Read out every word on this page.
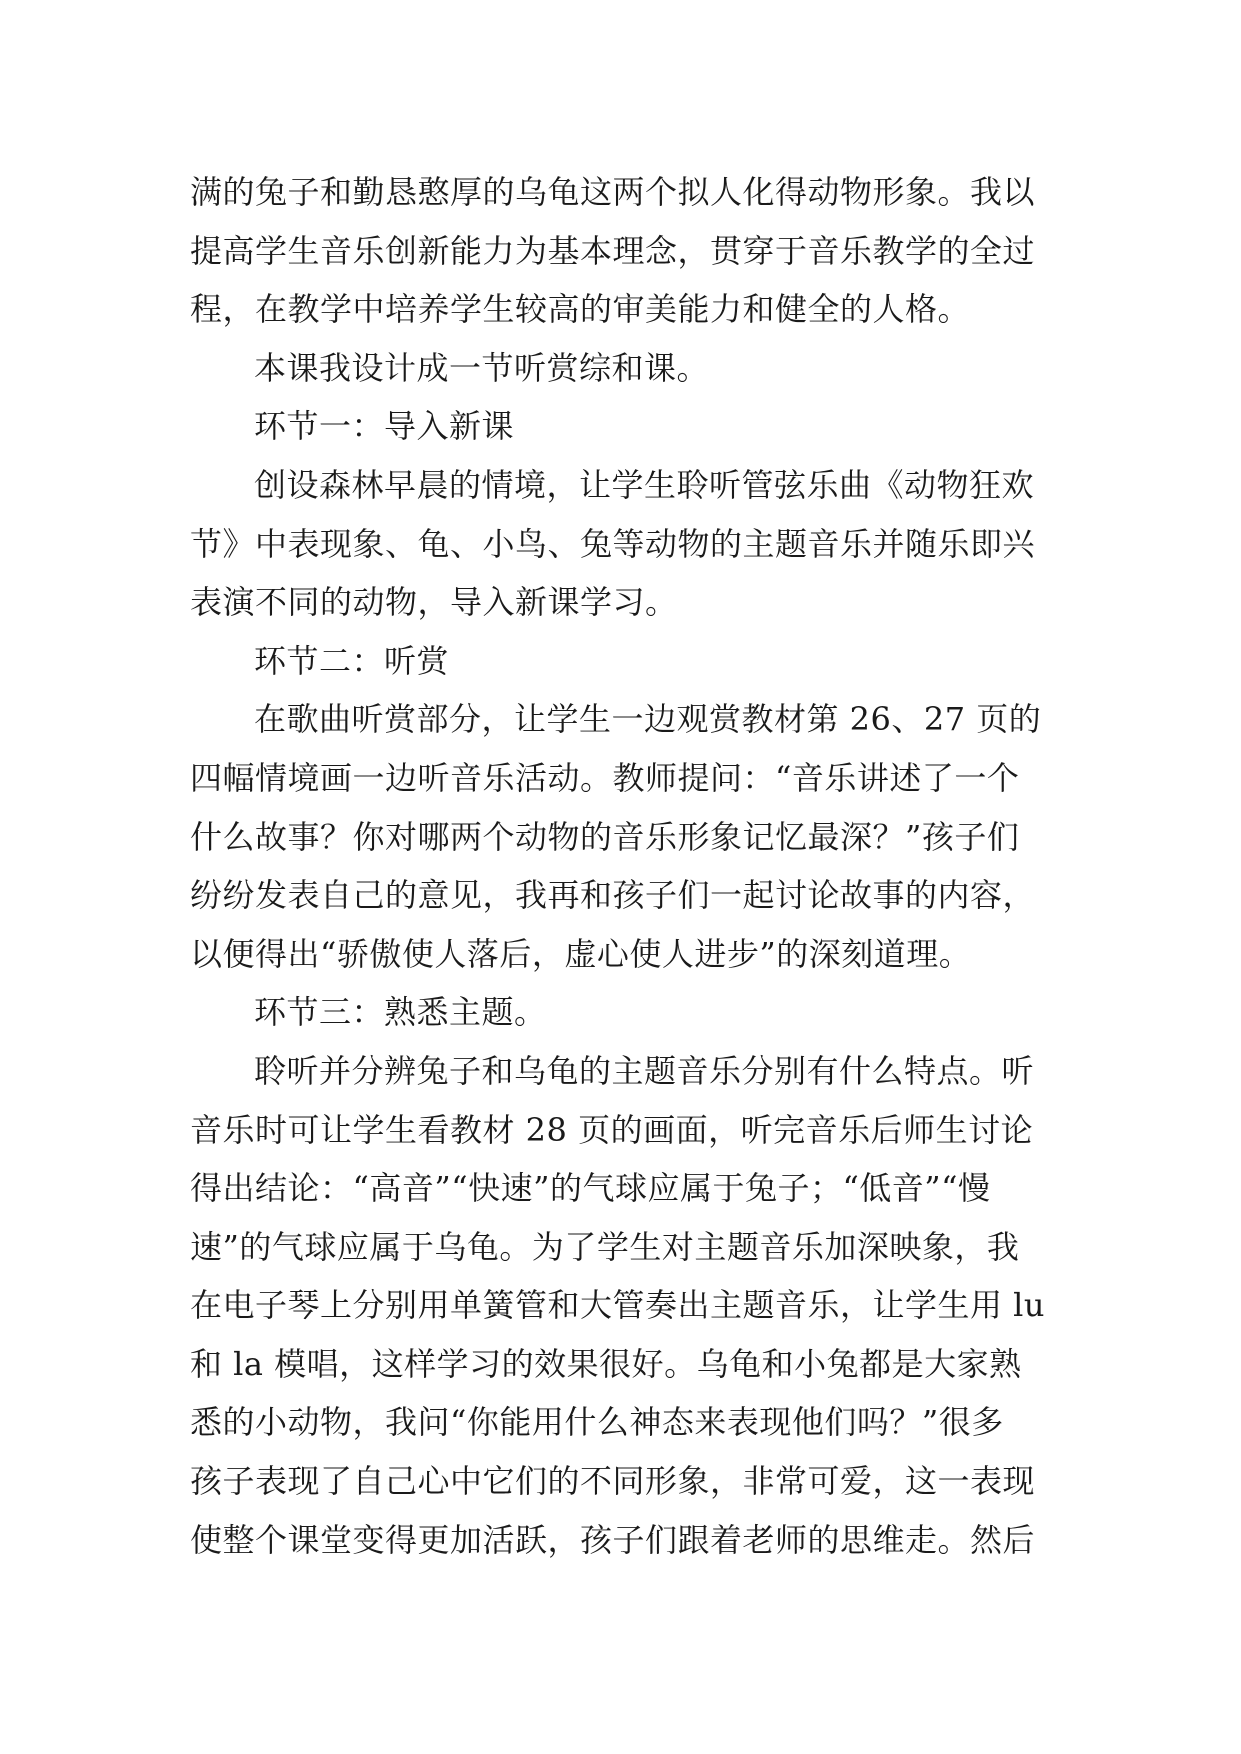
满的兔子和勤恳憨厚的乌龟这两个拟人化得动物形象。我以
提高学生音乐创新能力为基本理念，贯穿于音乐教学的全过
程，在教学中培养学生较高的审美能力和健全的人格。
本课我设计成一节听赏综和课。
环节一：导入新课
创设森林早晨的情境，让学生聆听管弦乐曲《动物狂欢
节》中表现象、龟、小鸟、兔等动物的主题音乐并随乐即兴
表演不同的动物，导入新课学习。
环节二：听赏
在歌曲听赏部分，让学生一边观赏教材第 26、27 页的
四幅情境画一边听音乐活动。教师提问：“音乐讲述了一个
什么故事？你对哪两个动物的音乐形象记忆最深？”孩子们
纷纷发表自己的意见，我再和孩子们一起讨论故事的内容，
以便得出“骄傲使人落后，虚心使人进步”的深刻道理。
环节三：熟悉主题。
聆听并分辨兔子和乌龟的主题音乐分别有什么特点。听
音乐时可让学生看教材 28 页的画面，听完音乐后师生讨论
得出结论：“高音”“快速”的气球应属于兔子；“低音”“慢
速”的气球应属于乌龟。为了学生对主题音乐加深映象，我
在电子琴上分别用单簧管和大管奏出主题音乐，让学生用 lu
和 la 模唱，这样学习的效果很好。乌龟和小兔都是大家熟
悉的小动物，我问“你能用什么神态来表现他们吗？”很多
孩子表现了自己心中它们的不同形象，非常可爱，这一表现
使整个课堂变得更加活跃，孩子们跟着老师的思维走。然后
